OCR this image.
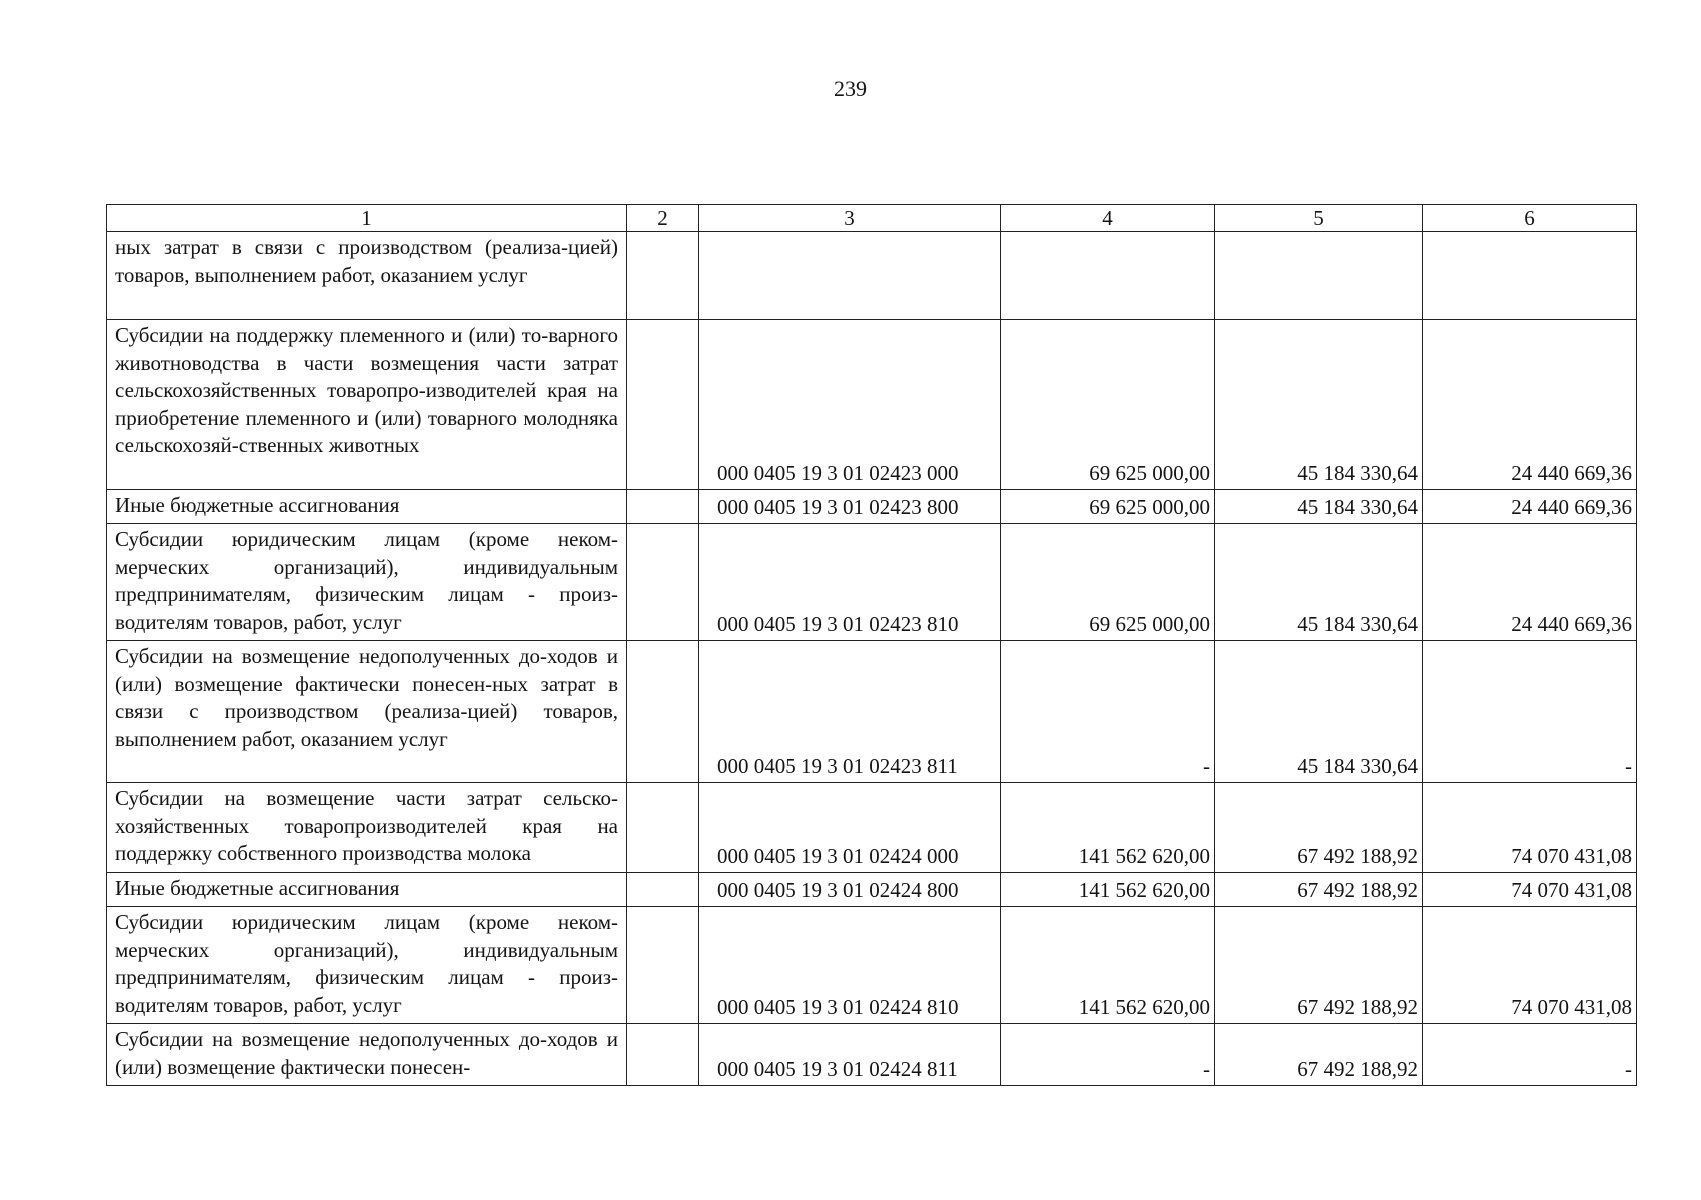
239
1	2	3	4	5	6
ных затрат в связи с производством (реализа-цией) товаров, выполнением работ, оказанием услуг					
Субсидии на поддержку племенного и (или) то-варного животноводства в части возмещения части затрат сельскохозяйственных товаропро-изводителей края на приобретение племенного и (или) товарного молодняка сельскохозяй-ственных животных		000 0405 19 3 01 02423 000	69 625 000,00	45 184 330,64	24 440 669,36
Иные бюджетные ассигнования		000 0405 19 3 01 02423 800	69 625 000,00	45 184 330,64	24 440 669,36
Субсидии юридическим лицам (кроме неком-мерческих организаций), индивидуальным предпринимателям, физическим лицам - произ-водителям товаров, работ, услуг		000 0405 19 3 01 02423 810	69 625 000,00	45 184 330,64	24 440 669,36
Субсидии на возмещение недополученных до-ходов и (или) возмещение фактически понесен-ных затрат в связи с производством (реализа-цией) товаров, выполнением работ, оказанием услуг		000 0405 19 3 01 02423 811	-	45 184 330,64	-
Субсидии на возмещение части затрат сельско-хозяйственных товаропроизводителей края на поддержку собственного производства молока		000 0405 19 3 01 02424 000	141 562 620,00	67 492 188,92	74 070 431,08
Иные бюджетные ассигнования		000 0405 19 3 01 02424 800	141 562 620,00	67 492 188,92	74 070 431,08
Субсидии юридическим лицам (кроме неком-мерческих организаций), индивидуальным предпринимателям, физическим лицам - произ-водителям товаров, работ, услуг		000 0405 19 3 01 02424 810	141 562 620,00	67 492 188,92	74 070 431,08
Субсидии на возмещение недополученных до-ходов и (или) возмещение фактически понесен-		000 0405 19 3 01 02424 811	-	67 492 188,92	-
